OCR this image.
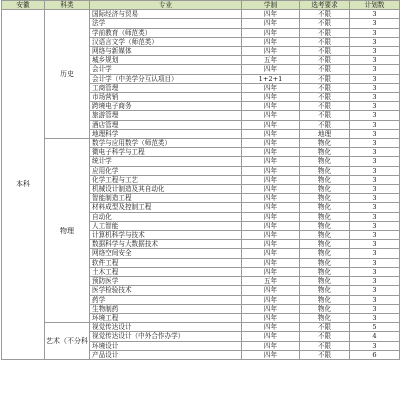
安徽	科类	专业	学制	选考要求	计划数
本科	历史	国际经济与贸易	四年	不限	3
		法学	四年	不限	3
		学前教育（师范类）	四年	不限	3
		汉语言文学（师范类）	四年	不限	3
		网络与新媒体	四年	不限	3
		城乡规划	五年	不限	3
		会计学	四年	不限	3
		会计学（中美学分互认项目）	1+2+1	不限	3
		工商管理	四年	不限	3
		市场营销	四年	不限	3
		跨境电子商务	四年	不限	3
		旅游管理	四年	不限	3
		酒店管理	四年	不限	3
		地理科学	四年	地理	3
	物理	数学与应用数学（师范类）	四年	物化	3
		微电子科学与工程	四年	物化	3
		统计学	四年	物化	3
		应用化学	四年	物化	3
		化学工程与工艺	四年	物化	3
		机械设计制造及其自动化	四年	物化	3
		智能制造工程	四年	物化	3
		材料成型及控制工程	四年	物化	3
		自动化	四年	物化	3
		人工智能	四年	物化	3
		计算机科学与技术	四年	物化	3
		数据科学与大数据技术	四年	物化	3
		网络空间安全	四年	物化	3
		软件工程	四年	物化	3
		土木工程	四年	物化	3
		预防医学	五年	物化	3
		医学检验技术	四年	物化	3
		药学	四年	物化	3
		生物制药	四年	物化	3
		环境工程	四年	物化	3
	艺术（不分科	视觉传达设计	四年	不限	5
		视觉传达设计（中外合作办学）	四年	不限	4
		环境设计	四年	不限	3
		产品设计	四年	不限	6
